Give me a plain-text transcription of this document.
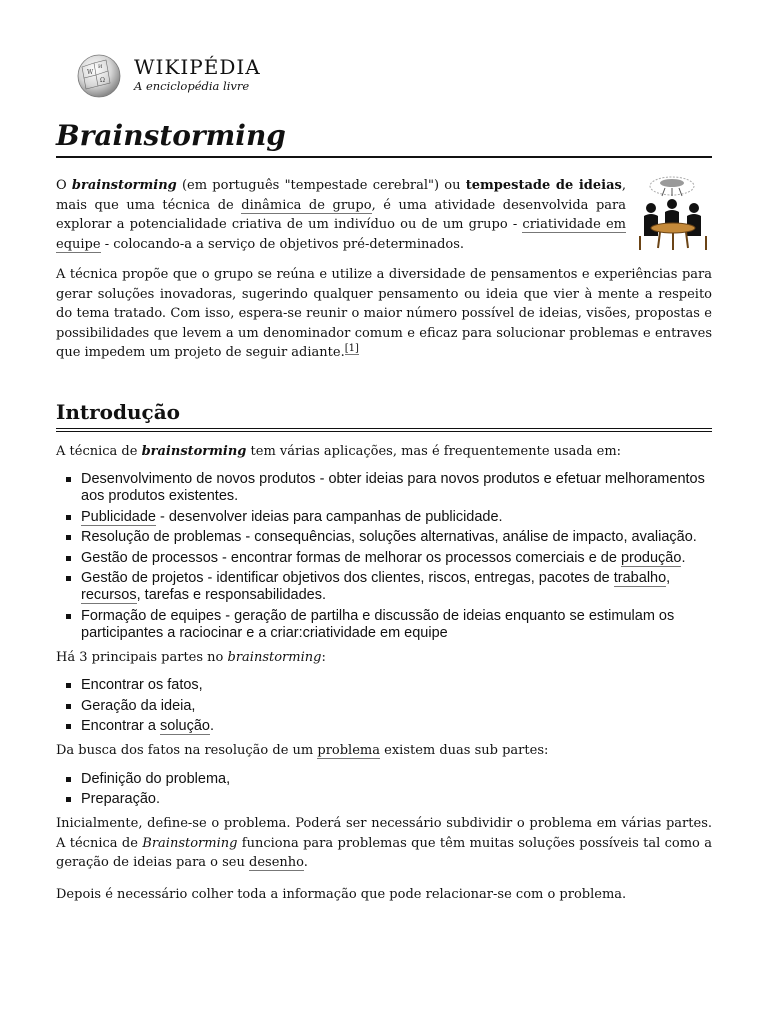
W
Ω
И WIKIPÉDIA
A enciclopédia livre
Brainstorming

O brainstorming (em português "tempestade cerebral") ou tempestade de ideias, mais que uma técnica de dinâmica de grupo, é uma atividade desenvolvida para explorar a potencialidade criativa de um indivíduo ou de um grupo - criatividade em equipe - colocando-a a serviço de objetivos pré-determinados.

A técnica propõe que o grupo se reúna e utilize a diversidade de pensamentos e experiências para gerar soluções inovadoras, sugerindo qualquer pensamento ou ideia que vier à mente a respeito do tema tratado. Com isso, espera-se reunir o maior número possível de ideias, visões, propostas e possibilidades que levem a um denominador comum e eficaz para solucionar problemas e entraves que impedem um projeto de seguir adiante.[1]

Introdução

A técnica de brainstorming tem várias aplicações, mas é frequentemente usada em:

Desenvolvimento de novos produtos - obter ideias para novos produtos e efetuar melhoramentos aos produtos existentes.
Publicidade - desenvolver ideias para campanhas de publicidade.
Resolução de problemas - consequências, soluções alternativas, análise de impacto, avaliação.
Gestão de processos - encontrar formas de melhorar os processos comerciais e de produção.
Gestão de projetos - identificar objetivos dos clientes, riscos, entregas, pacotes de trabalho, recursos, tarefas e responsabilidades.
Formação de equipes - geração de partilha e discussão de ideias enquanto se estimulam os participantes a raciocinar e a criar:criatividade em equipe

Há 3 principais partes no brainstorming:

Encontrar os fatos,
Geração da ideia,
Encontrar a solução.

Da busca dos fatos na resolução de um problema existem duas sub partes:

Definição do problema,
Preparação.

Inicialmente, define-se o problema. Poderá ser necessário subdividir o problema em várias partes. A técnica de Brainstorming funciona para problemas que têm muitas soluções possíveis tal como a geração de ideias para o seu desenho.

Depois é necessário colher toda a informação que pode relacionar-se com o problema.
